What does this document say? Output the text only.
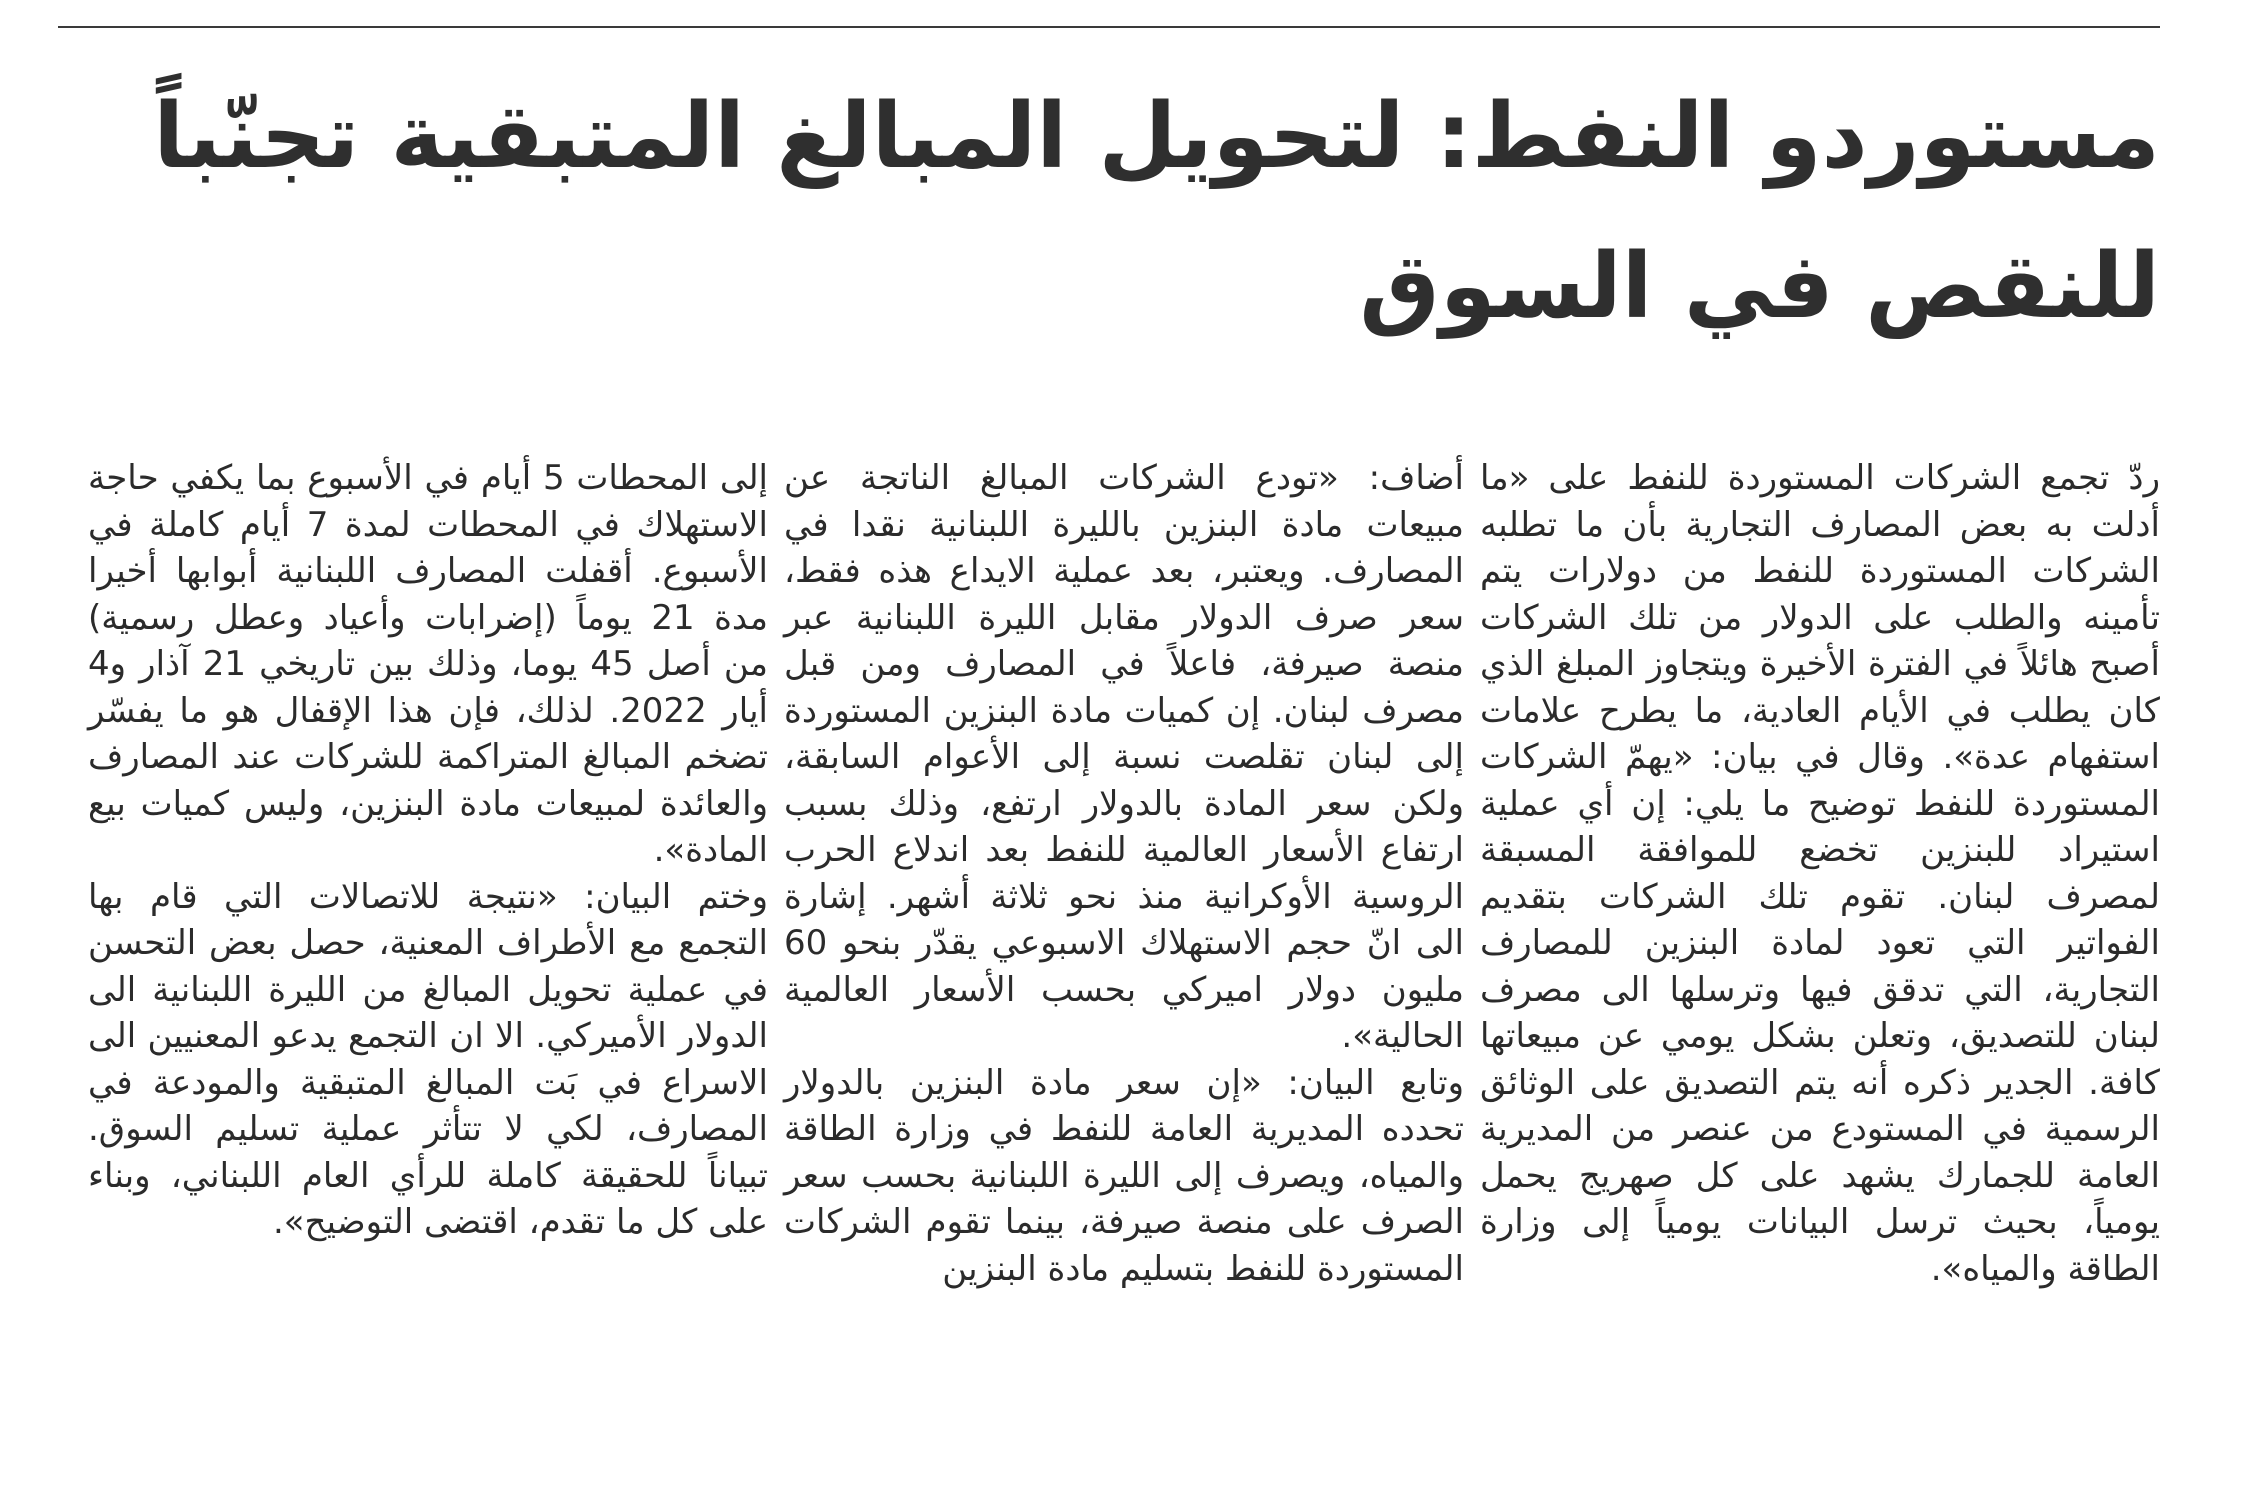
مستوردو النفط: لتحويل المبالغ المتبقية تجنّباً للنقص في السوق

ردّ تجمع الشركات المستوردة للنفط على «ما أدلت به بعض المصارف التجارية بأن ما تطلبه الشركات المستوردة للنفط من دولارات يتم تأمينه والطلب على الدولار من تلك الشركات أصبح هائلاً في الفترة الأخيرة ويتجاوز المبلغ الذي كان يطلب في الأيام العادية، ما يطرح علامات استفهام عدة». وقال في بيان: «يهمّ الشركات المستوردة للنفط توضيح ما يلي: إن أي عملية استيراد للبنزين تخضع للموافقة المسبقة لمصرف لبنان. تقوم تلك الشركات بتقديم الفواتير التي تعود لمادة البنزين للمصارف التجارية، التي تدقق فيها وترسلها الى مصرف لبنان للتصديق، وتعلن بشكل يومي عن مبيعاتها كافة. الجدير ذكره أنه يتم التصديق على الوثائق الرسمية في المستودع من عنصر من المديرية العامة للجمارك يشهد على كل صهريج يحمل يومياً، بحيث ترسل البيانات يومياً إلى وزارة الطاقة والمياه».

أضاف: «تودع الشركات المبالغ الناتجة عن مبيعات مادة البنزين بالليرة اللبنانية نقدا في المصارف. ويعتبر، بعد عملية الايداع هذه فقط، سعر صرف الدولار مقابل الليرة اللبنانية عبر منصة صيرفة، فاعلاً في المصارف ومن قبل مصرف لبنان. إن كميات مادة البنزين المستوردة إلى لبنان تقلصت نسبة إلى الأعوام السابقة، ولكن سعر المادة بالدولار ارتفع، وذلك بسبب ارتفاع الأسعار العالمية للنفط بعد اندلاع الحرب الروسية الأوكرانية منذ نحو ثلاثة أشهر. إشارة الى انّ حجم الاستهلاك الاسبوعي يقدّر بنحو 60 مليون دولار اميركي بحسب الأسعار العالمية الحالية».

وتابع البيان: «إن سعر مادة البنزين بالدولار تحدده المديرية العامة للنفط في وزارة الطاقة والمياه، ويصرف إلى الليرة اللبنانية بحسب سعر الصرف على منصة صيرفة، بينما تقوم الشركات المستوردة للنفط بتسليم مادة البنزين

إلى المحطات 5 أيام في الأسبوع بما يكفي حاجة الاستهلاك في المحطات لمدة 7 أيام كاملة في الأسبوع. أقفلت المصارف اللبنانية أبوابها أخيرا مدة 21 يوماً (إضرابات وأعياد وعطل رسمية) من أصل 45 يوما، وذلك بين تاريخي 21 آذار و4 أيار 2022. لذلك، فإن هذا الإقفال هو ما يفسّر تضخم المبالغ المتراكمة للشركات عند المصارف والعائدة لمبيعات مادة البنزين، وليس كميات بيع المادة».

وختم البيان: «نتيجة للاتصالات التي قام بها التجمع مع الأطراف المعنية، حصل بعض التحسن في عملية تحويل المبالغ من الليرة اللبنانية الى الدولار الأميركي. الا ان التجمع يدعو المعنيين الى الاسراع في بَت المبالغ المتبقية والمودعة في المصارف، لكي لا تتأثر عملية تسليم السوق. تبياناً للحقيقة كاملة للرأي العام اللبناني، وبناء على كل ما تقدم، اقتضى التوضيح».
